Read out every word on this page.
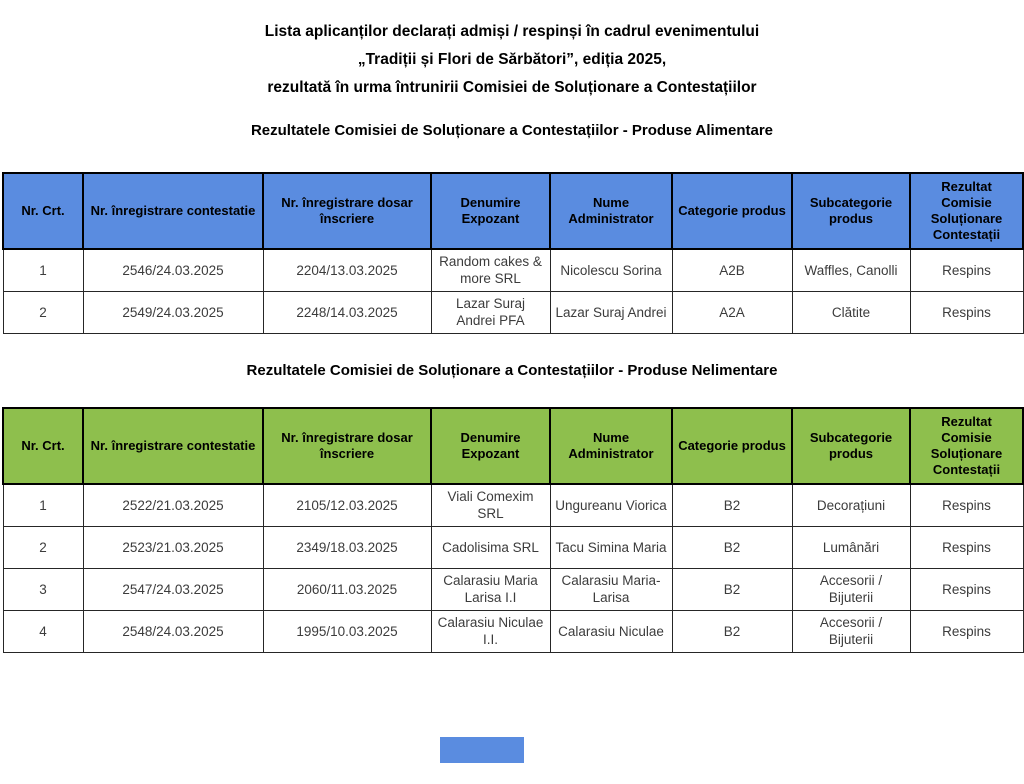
Lista aplicanților declarați admiși / respinși în cadrul evenimentului
„Tradiții și Flori de Sărbători”, ediția 2025,
rezultată în urma întrunirii Comisiei de Soluționare a Contestațiilor
Rezultatele Comisiei de Soluționare a Contestațiilor - Produse Alimentare
Nr. Crt.	Nr. înregistrare contestatie	Nr. înregistrare dosar înscriere	Denumire Expozant	Nume Administrator	Categorie produs	Subcategorie produs	Rezultat Comisie Soluționare Contestații
1	2546/24.03.2025	2204/13.03.2025	Random cakes & more SRL	Nicolescu Sorina	A2B	Waffles, Canolli	Respins
2	2549/24.03.2025	2248/14.03.2025	Lazar Suraj Andrei PFA	Lazar Suraj Andrei	A2A	Clătite	Respins
Rezultatele Comisiei de Soluționare a Contestațiilor - Produse Nelimentare
Nr. Crt.	Nr. înregistrare contestatie	Nr. înregistrare dosar înscriere	Denumire Expozant	Nume Administrator	Categorie produs	Subcategorie produs	Rezultat Comisie Soluționare Contestații
1	2522/21.03.2025	2105/12.03.2025	Viali Comexim SRL	Ungureanu Viorica	B2	Decorațiuni	Respins
2	2523/21.03.2025	2349/18.03.2025	Cadolisima SRL	Tacu Simina Maria	B2	Lumânări	Respins
3	2547/24.03.2025	2060/11.03.2025	Calarasiu Maria Larisa I.I	Calarasiu Maria-Larisa	B2	Accesorii / Bijuterii	Respins
4	2548/24.03.2025	1995/10.03.2025	Calarasiu Niculae I.I.	Calarasiu Niculae	B2	Accesorii / Bijuterii	Respins
